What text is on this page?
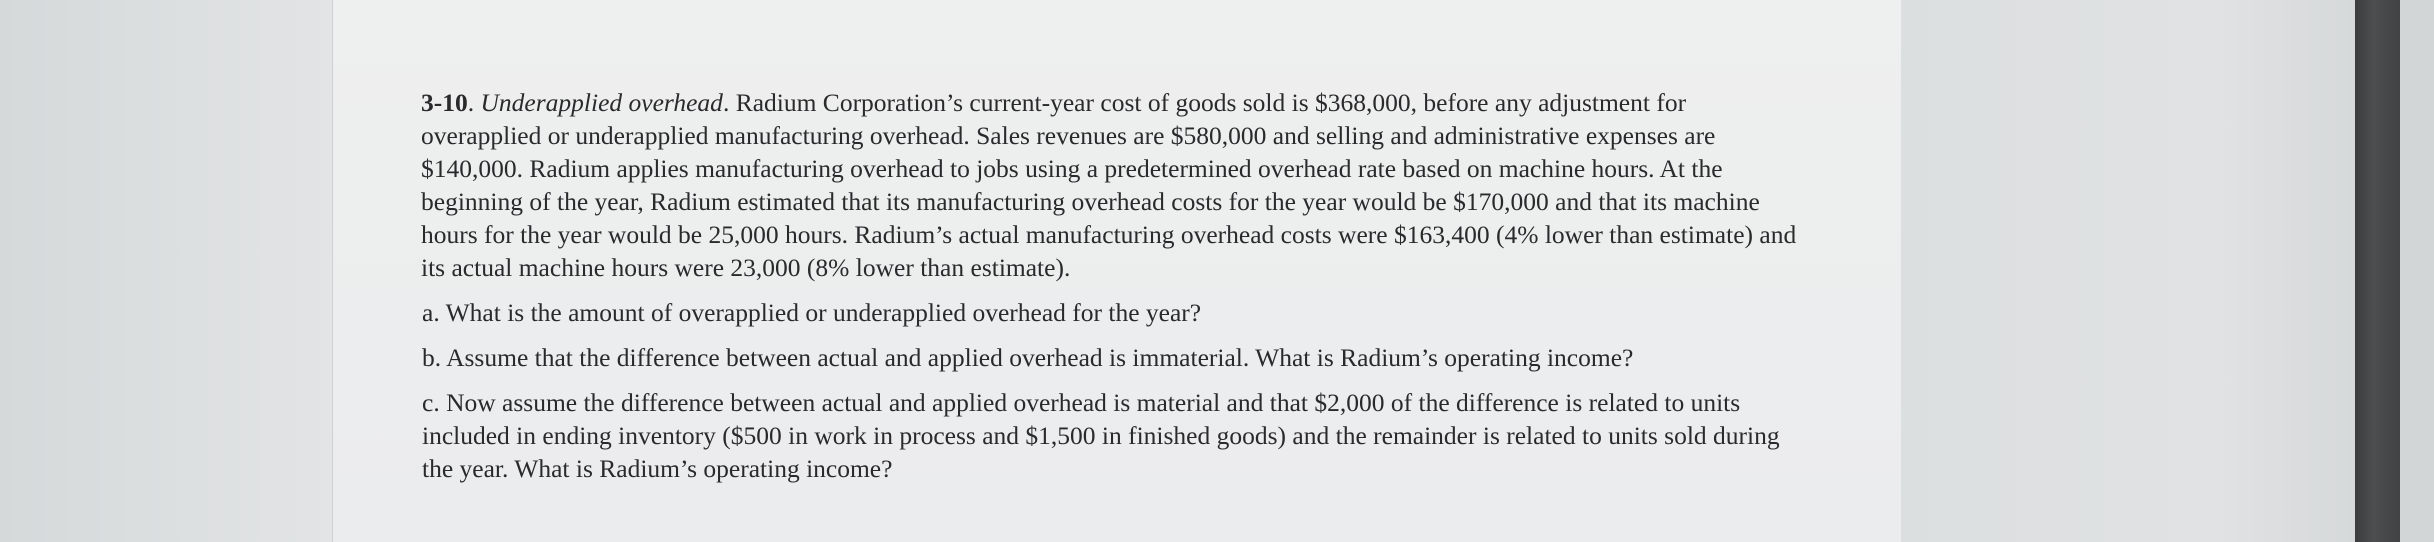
3-10. Underapplied overhead. Radium Corporation’s current-year cost of goods sold is $368,000, before any adjustment for overapplied or underapplied manufacturing overhead. Sales revenues are $580,000 and selling and administrative expenses are $140,000. Radium applies manufacturing overhead to jobs using a predetermined overhead rate based on machine hours. At the beginning of the year, Radium estimated that its manufacturing overhead costs for the year would be $170,000 and that its machine hours for the year would be 25,000 hours. Radium’s actual manufacturing overhead costs were $163,400 (4% lower than estimate) and its actual machine hours were 23,000 (8% lower than estimate).

a. What is the amount of overapplied or underapplied overhead for the year?

b. Assume that the difference between actual and applied overhead is immaterial. What is Radium’s operating income?

c. Now assume the difference between actual and applied overhead is material and that $2,000 of the difference is related to units included in ending inventory ($500 in work in process and $1,500 in finished goods) and the remainder is related to units sold during the year. What is Radium’s operating income?
